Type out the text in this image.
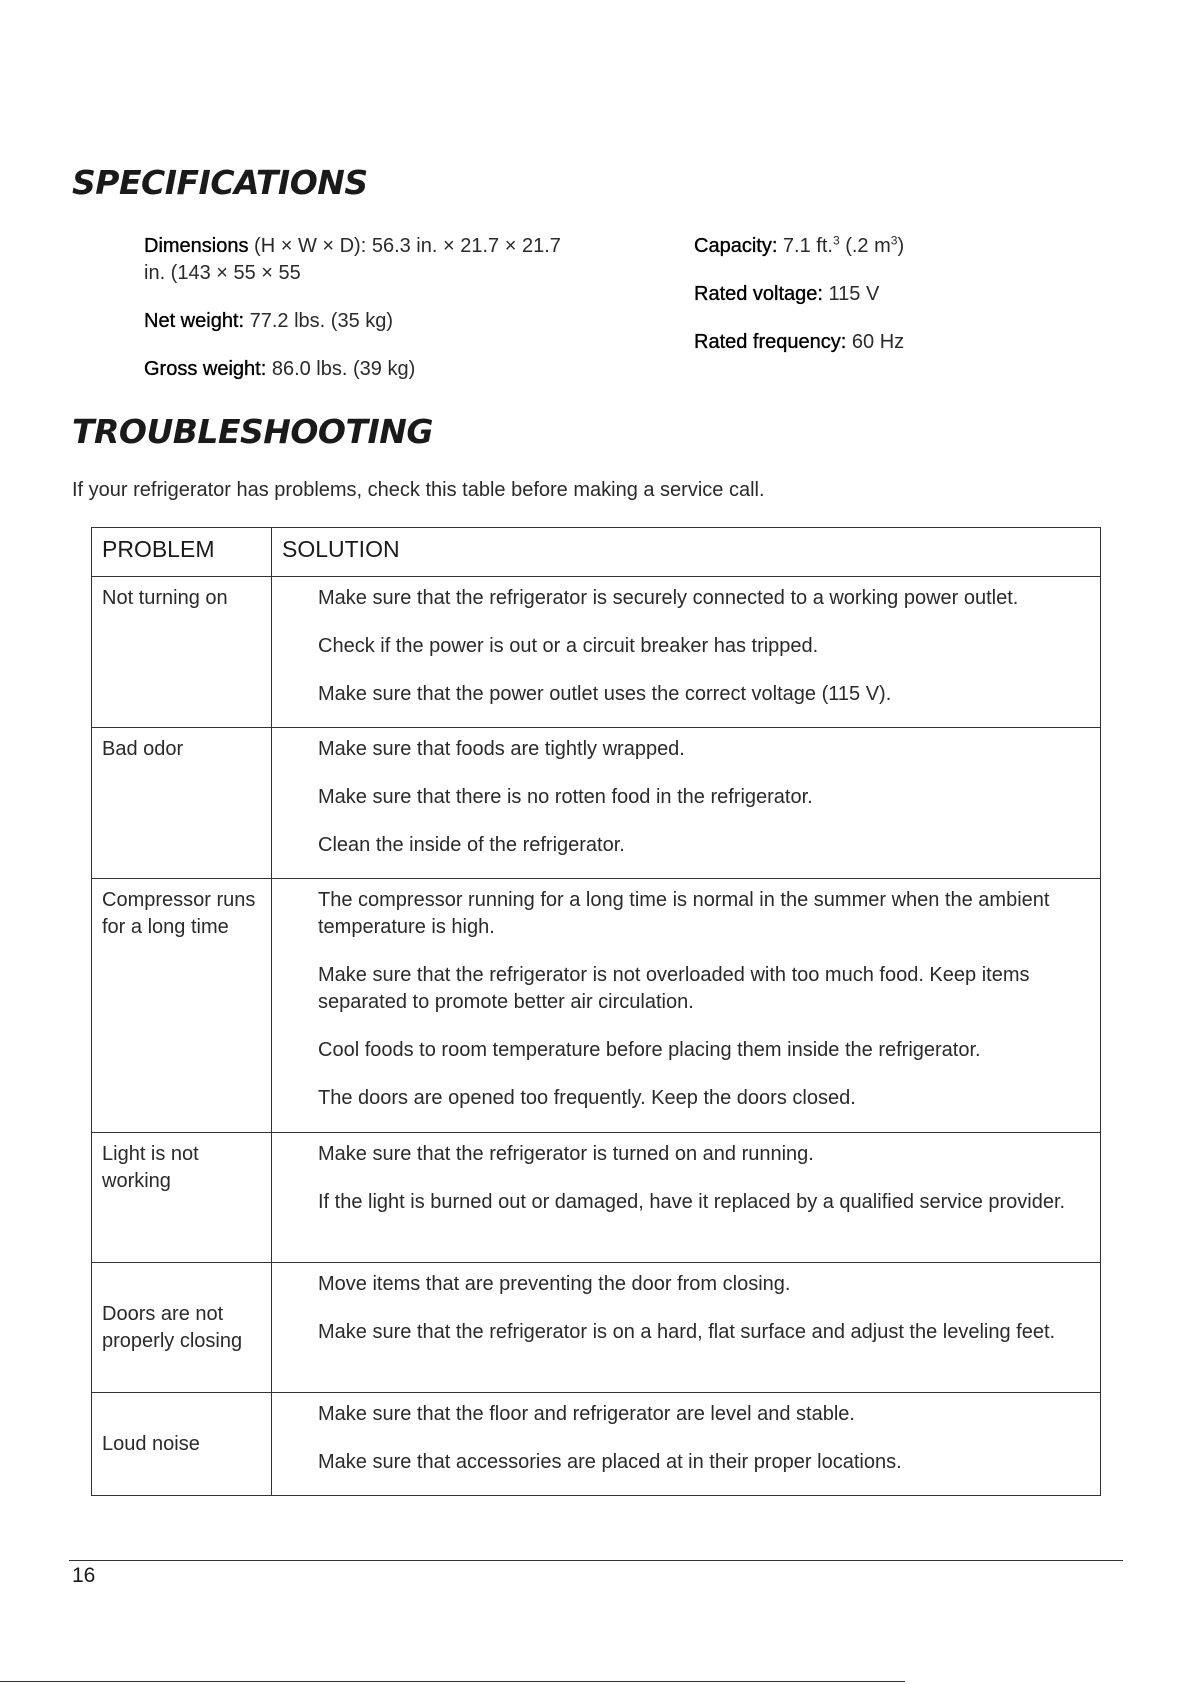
SPECIFICATIONS

Dimensions (H × W × D): 56.3 in. × 21.7 × 21.7 in. (143 × 55 × 55

Net weight: 77.2 lbs. (35 kg)

Gross weight: 86.0 lbs. (39 kg)

Capacity: 7.1 ft.$^3$ (.2 $m^3$)

Rated voltage: 115 V

Rated frequency: 60 Hz

TROUBLESHOOTING

If your refrigerator has problems, check this table before making a service call.

PROBLEM	SOLUTION
Not turning on	Make sure that the refrigerator is securely connected to a working power outlet.

Check if the power is out or a circuit breaker has tripped.

Make sure that the power outlet uses the correct voltage (115 V).

Bad odor	Make sure that foods are tightly wrapped.

Make sure that there is no rotten food in the refrigerator.

Clean the inside of the refrigerator.

Compressor runs for a long time	The compressor running for a long time is normal in the summer when the ambient temperature is high.

Make sure that the refrigerator is not overloaded with too much food. Keep items separated to promote better air circulation.

Cool foods to room temperature before placing them inside the refrigerator.

The doors are opened too frequently. Keep the doors closed.

Light is not working	Make sure that the refrigerator is turned on and running.

If the light is burned out or damaged, have it replaced by a qualified service provider.

Doors are not properly closing	Move items that are preventing the door from closing.

Make sure that the refrigerator is on a hard, flat surface and adjust the leveling feet.

Loud noise	Make sure that the floor and refrigerator are level and stable.

Make sure that accessories are placed at in their proper locations.

16
